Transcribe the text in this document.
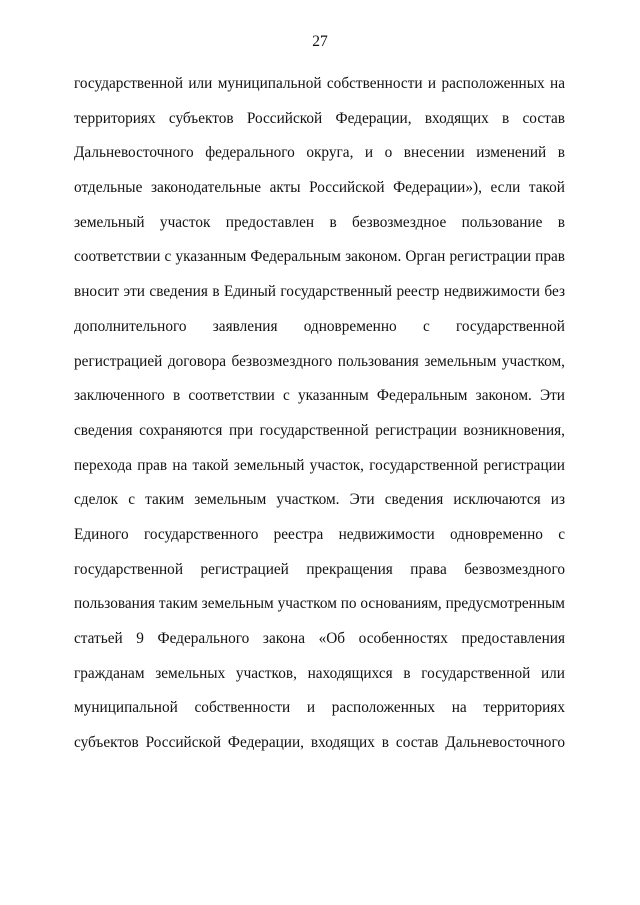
27
государственной или муниципальной собственности и расположенных на
территориях субъектов Российской Федерации, входящих в состав
Дальневосточного федерального округа, и о внесении изменений в
отдельные законодательные акты Российской Федерации»), если такой
земельный участок предоставлен в безвозмездное пользование в
соответствии с указанным Федеральным законом. Орган регистрации прав
вносит эти сведения в Единый государственный реестр недвижимости без
дополнительного заявления одновременно с государственной
регистрацией договора безвозмездного пользования земельным участком,
заключенного в соответствии с указанным Федеральным законом. Эти
сведения сохраняются при государственной регистрации возникновения,
перехода прав на такой земельный участок, государственной регистрации
сделок с таким земельным участком. Эти сведения исключаются из
Единого государственного реестра недвижимости одновременно с
государственной регистрацией прекращения права безвозмездного
пользования таким земельным участком по основаниям, предусмотренным
статьей 9 Федерального закона «Об особенностях предоставления
гражданам земельных участков, находящихся в государственной или
муниципальной собственности и расположенных на территориях
субъектов Российской Федерации, входящих в состав Дальневосточного
